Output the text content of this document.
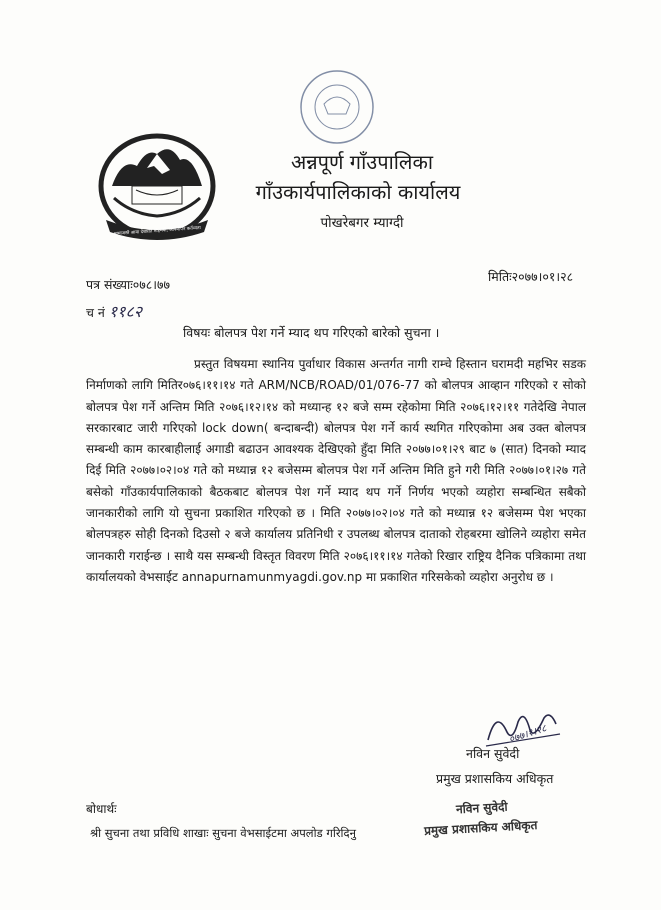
आमाजस्तै आमा देशप्रति मोहमयी, आफ्नोपन कर्तव्यता
अन्नपूर्ण गाँउपालिका
गाँउकार्यपालिकाको कार्यालय
पोखरेबगर म्याग्दी
पत्र संख्याः०७८।७७
मितिः२०७७।०१।२८
च नं ११८२
विषयः बोलपत्र पेश गर्ने म्याद थप गरिएको बारेको सुचना ।
प्रस्तुत विषयमा स्थानिय पुर्वाधार विकास अन्तर्गत नागी राम्चे हिस्तान घरामदी महभिर सडक निर्माणको लागि मितिर०७६।११।१४ गते ARM/NCB/ROAD/01/076-77 को बोलपत्र आव्हान गरिएको र सोको बोलपत्र पेश गर्ने अन्तिम मिति २०७६।१२।१४ को मध्यान्ह १२ बजे सम्म रहेकोमा मिति २०७६।१२।११ गतेदेखि नेपाल सरकारबाट जारी गरिएको lock down( बन्दाबन्दी) बोलपत्र पेश गर्ने कार्य स्थगित गरिएकोमा अब उक्त बोलपत्र सम्बन्धी काम कारबाहीलाई अगाडी बढाउन आवश्यक देखिएको हुँदा मिति २०७७।०१।२९ बाट ७ (सात) दिनको म्याद दिई मिति २०७७।०२।०४ गते को मध्यान्न १२ बजेसम्म बोलपत्र पेश गर्ने अन्तिम मिति हुने गरी मिति २०७७।०१।२७ गते बसेको गाँउकार्यपालिकाको बैठकबाट बोलपत्र पेश गर्ने म्याद थप गर्ने निर्णय भएको व्यहोरा सम्बन्धित सबैको जानकारीको लागि यो सुचना प्रकाशित गरिएको छ । मिति २०७७।०२।०४ गते को मध्यान्न १२ बजेसम्म पेश भएका बोलपत्रहरु सोही दिनको दिउसो २ बजे कार्यालय प्रतिनिधी र उपलब्ध बोलपत्र दाताको रोहबरमा खोलिने व्यहोरा समेत जानकारी गराईन्छ । साथै यस सम्बन्धी विस्तृत विवरण मिति २०७६।११।१४ गतेको रिखार राष्ट्रिय दैनिक पत्रिकामा तथा कार्यालयको वेभसाईट annapurnamunmyagdi.gov.np मा प्रकाशित गरिसकेको व्यहोरा अनुरोध छ ।
०७७।१।२८
नविन सुवेदी
प्रमुख प्रशासकिय अधिकृत
बोधार्थः
श्री सुचना तथा प्रविधि शाखाः सुचना वेभसाईटमा अपलोड गरिदिनु
नविन सुवेदी
प्रमुख प्रशासकिय अधिकृत
